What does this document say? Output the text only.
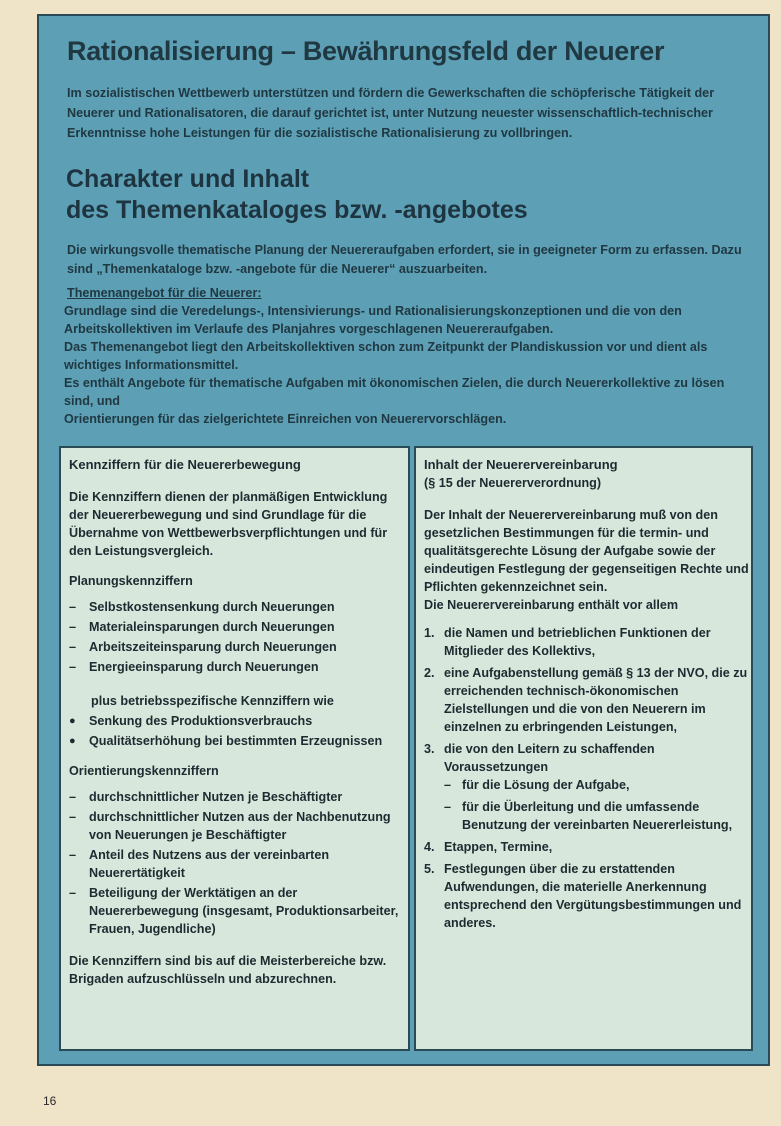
Rationalisierung – Bewährungsfeld der Neuerer
Im sozialistischen Wettbewerb unterstützen und fördern die Gewerkschaften die schöpferische Tätigkeit der Neuerer und Rationalisatoren, die darauf gerichtet ist, unter Nutzung neuester wissenschaftlich-technischer Erkenntnisse hohe Leistungen für die sozialistische Rationalisierung zu vollbringen.
Charakter und Inhalt
des Themenkataloges bzw. -angebotes
Die wirkungsvolle thematische Planung der Neuereraufgaben erfordert, sie in geeigneter Form zu erfassen. Dazu sind „Themenkataloge bzw. -angebote für die Neuerer“ auszuarbeiten.
Themenangebot für die Neuerer:
Grundlage sind die Veredelungs-, Intensivierungs- und Rationalisierungskonzeptionen und die von den Arbeitskollektiven im Verlaufe des Planjahres vorgeschlagenen Neuereraufgaben.
Das Themenangebot liegt den Arbeitskollektiven schon zum Zeitpunkt der Plandiskussion vor und dient als wichtiges Informationsmittel.
Es enthält Angebote für thematische Aufgaben mit ökonomischen Zielen, die durch Neuererkollektive zu lösen sind, und
Orientierungen für das zielgerichtete Einreichen von Neuerervorschlägen.
Kennziffern für die Neuererbewegung

Die Kennziffern dienen der planmäßigen Entwicklung der Neuererbewegung und sind Grundlage für die Übernahme von Wettbewerbsverpflichtungen und für den Leistungsvergleich.

Planungskennziffern
– Selbstkostensenkung durch Neuerungen
– Materialeinsparungen durch Neuerungen
– Arbeitszeiteinsparung durch Neuerungen
– Energieeinsparung durch Neuerungen
plus betriebsspezifische Kennziffern wie
● Senkung des Produktionsverbrauchs
● Qualitätserhöhung bei bestimmten Erzeugnissen
Orientierungskennziffern
– durchschnittlicher Nutzen je Beschäftigter
– durchschnittlicher Nutzen aus der Nachbenutzung von Neuerungen je Beschäftigter
– Anteil des Nutzens aus der vereinbarten Neuerertätigkeit
– Beteiligung der Werktätigen an der Neuererbewegung (insgesamt, Produktionsarbeiter, Frauen, Jugendliche)

Die Kennziffern sind bis auf die Meisterbereiche bzw. Brigaden aufzuschlüsseln und abzurechnen.

Inhalt der Neuerervereinbarung
(§ 15 der Neuererverordnung)

Der Inhalt der Neuerervereinbarung muß von den gesetzlichen Bestimmungen für die termin- und qualitätsgerechte Lösung der Aufgabe sowie der eindeutigen Festlegung der gegenseitigen Rechte und Pflichten gekennzeichnet sein.

Die Neuerervereinbarung enthält vor allem

1. die Namen und betrieblichen Funktionen der Mitglieder des Kollektivs,
2. eine Aufgabenstellung gemäß § 13 der NVO, die zu erreichenden technisch-ökonomischen Zielstellungen und die von den Neuerern im einzelnen zu erbringenden Leistungen,
3. die von den Leitern zu schaffenden Voraussetzungen
– für die Lösung der Aufgabe,
– für die Überleitung und die umfassende Benutzung der vereinbarten Neuererleistung,
4. Etappen, Termine,
5. Festlegungen über die zu erstattenden Aufwendungen, die materielle Anerkennung entsprechend den Vergütungsbestimmungen und anderes.
16
